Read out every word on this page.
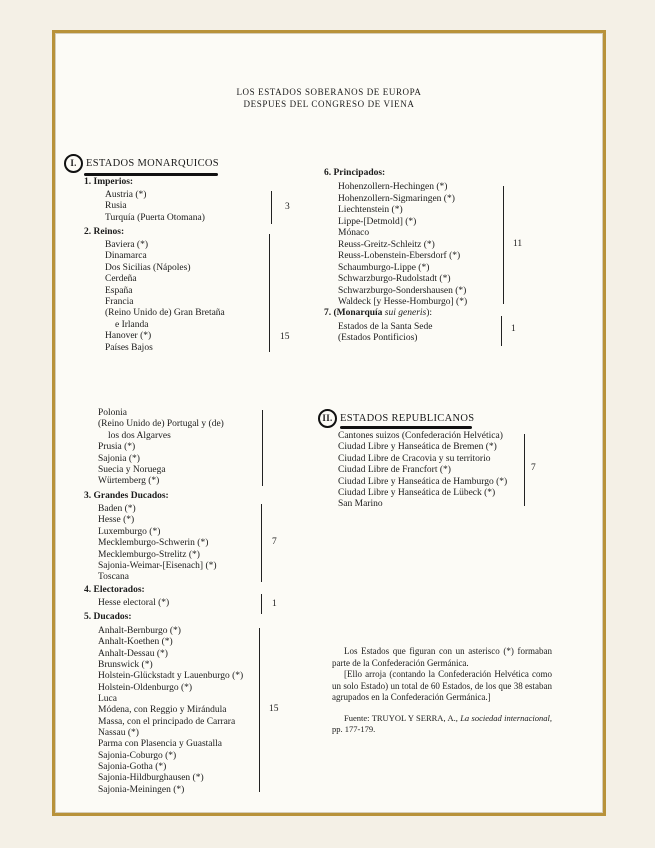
LOS ESTADOS SOBERANOS DE EUROPA
DESPUES DEL CONGRESO DE VIENA
I. ESTADOS MONARQUICOS
1. Imperios:
Austria (*)
Rusia
Turquía (Puerta Otomana)
3
2. Reinos:
Baviera (*)
Dinamarca
Dos Sicilias (Nápoles)
Cerdeña
España
Francia
(Reino Unido de) Gran Bretaña
e Irlanda
Hanover (*)
Países Bajos
15
Polonia
(Reino Unido de) Portugal y (de)
los dos Algarves
Prusia (*)
Sajonia (*)
Suecia y Noruega
Würtemberg (*)
3. Grandes Ducados:
Baden (*)
Hesse (*)
Luxemburgo (*)
Mecklemburgo-Schwerin (*)
Mecklemburgo-Strelitz (*)
Sajonia-Weimar-[Eisenach] (*)
Toscana
7
4. Electorados:
Hesse electoral (*)	1
5. Ducados:
Anhalt-Bernburgo (*)
Anhalt-Koethen (*)
Anhalt-Dessau (*)
Brunswick (*)
Holstein-Glückstadt y Lauenburgo (*)
Holstein-Oldenburgo (*)
Luca
Módena, con Reggio y Mirándula
Massa, con el principado de Carrara
Nassau (*)
Parma con Plasencia y Guastalla
Sajonia-Coburgo (*)
Sajonia-Gotha (*)
Sajonia-Hildburghausen (*)
Sajonia-Meiningen (*)
15
6. Principados:
Hohenzollern-Hechingen (*)
Hohenzollern-Sigmaringen (*)
Liechtenstein (*)
Lippe-[Detmold] (*)
Mónaco
Reuss-Greitz-Schleitz (*)
Reuss-Lobenstein-Ebersdorf (*)
Schaumburgo-Lippe (*)
Schwarzburgo-Rudolstadt (*)
Schwarzburgo-Sondershausen (*)
Waldeck [y Hesse-Homburgo] (*)
11
7. (Monarquía sui generis):
Estados de la Santa Sede
(Estados Pontificios)
1
II. ESTADOS REPUBLICANOS
Cantones suizos (Confederación Helvética)
Ciudad Libre y Hanseática de Bremen (*)
Ciudad Libre de Cracovia y su territorio
Ciudad Libre de Francfort (*)
Ciudad Libre y Hanseática de Hamburgo (*)
Ciudad Libre y Hanseática de Lübeck (*)
San Marino
7
Los Estados que figuran con un asterisco (*) formaban parte de la Confederación Germánica.
[Ello arroja (contando la Confederación Helvética como un solo Estado) un total de 60 Estados, de los que 38 estaban agrupados en la Confederación Germánica.]
Fuente: TRUYOL Y SERRA, A., La sociedad internacional, pp. 177-179.
